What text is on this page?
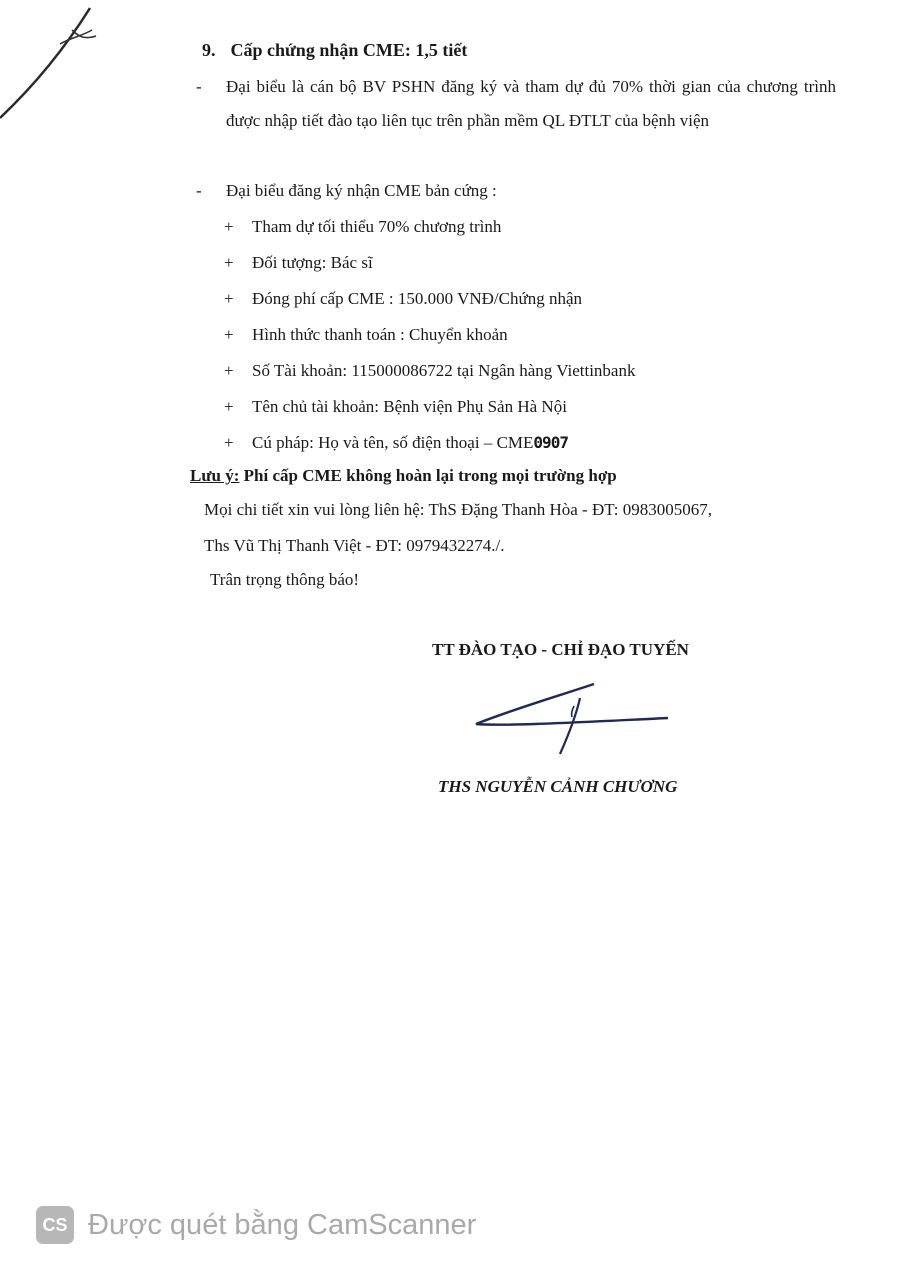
9. Cấp chứng nhận CME: 1,5 tiết
- Đại biểu là cán bộ BV PSHN đăng ký và tham dự đủ 70% thời gian của chương trình được nhập tiết đào tạo liên tục trên phần mềm QL ĐTLT của bệnh viện
- Đại biểu đăng ký nhận CME bản cứng :
+ Tham dự tối thiểu 70% chương trình
+ Đối tượng: Bác sĩ
+ Đóng phí cấp CME : 150.000 VNĐ/Chứng nhận
+ Hình thức thanh toán : Chuyển khoản
+ Số Tài khoản: 115000086722 tại Ngân hàng Viettinbank
+ Tên chủ tài khoản: Bệnh viện Phụ Sản Hà Nội
+ Cú pháp: Họ và tên, số điện thoại – CME0907
Lưu ý: Phí cấp CME không hoàn lại trong mọi trường hợp
Mọi chi tiết xin vui lòng liên hệ: ThS Đặng Thanh Hòa - ĐT: 0983005067,
Ths Vũ Thị Thanh Việt - ĐT: 0979432274./.
Trân trọng thông báo!
TT ĐÀO TẠO - CHỈ ĐẠO TUYẾN
THS NGUYỄN CẢNH CHƯƠNG
CS Được quét bằng CamScanner
